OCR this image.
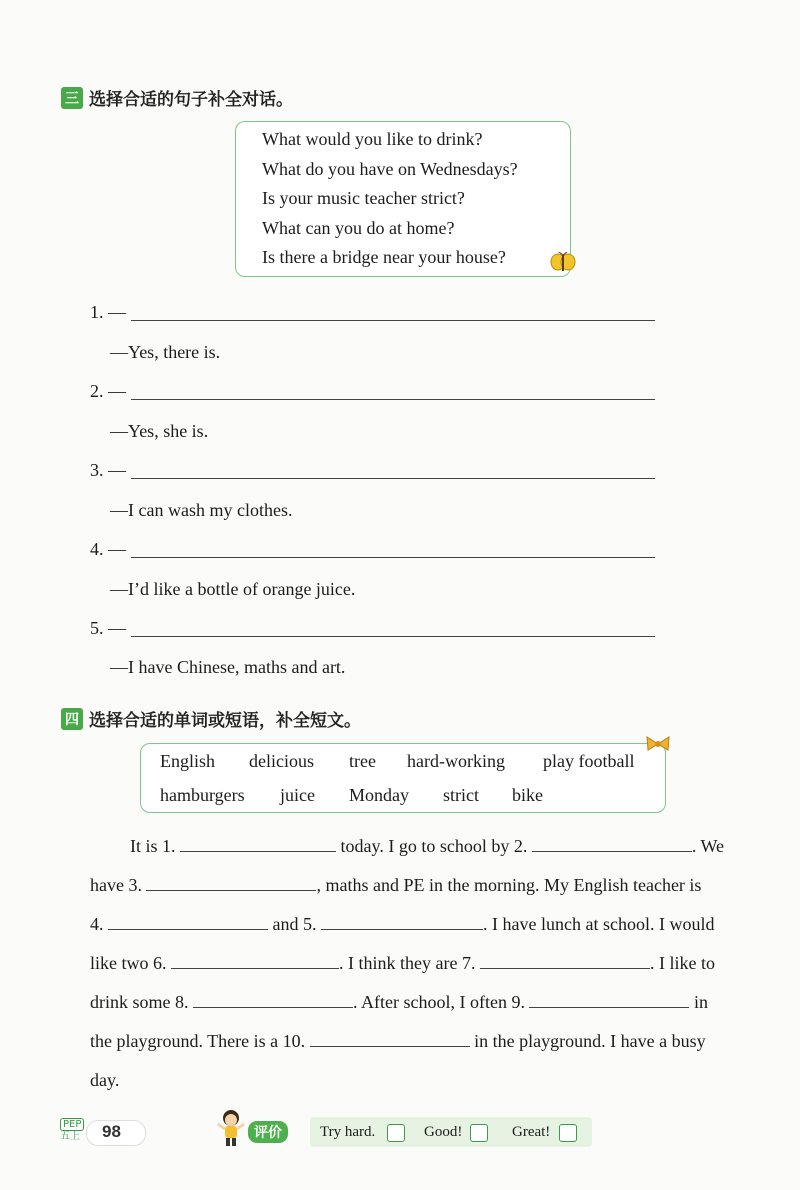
三 选择合适的句子补全对话。
What would you like to drink?
What do you have on Wednesdays?
Is your music teacher strict?
What can you do at home?
Is there a bridge near your house?
1. —
—Yes, there is.
2. —
—Yes, she is.
3. —
—I can wash my clothes.
4. —
—I’d like a bottle of orange juice.
5. —
—I have Chinese, maths and art.
四 选择合适的单词或短语，补全短文。
English delicious tree hard-working play football
hamburgers juice Monday strict bike
It is 1.	today. I go to school by 2.	. We
have 3.	, maths and PE in the morning. My English teacher is
4.	and 5.	. I have lunch at school. I would
like two 6.	. I think they are 7.	. I like to
drink some 8.	. After school, I often 9.	in
the playground. There is a 10.	in the playground. I have a busy
day.
PEP
五上 98	评价	Try hard.	Good!	Great!
